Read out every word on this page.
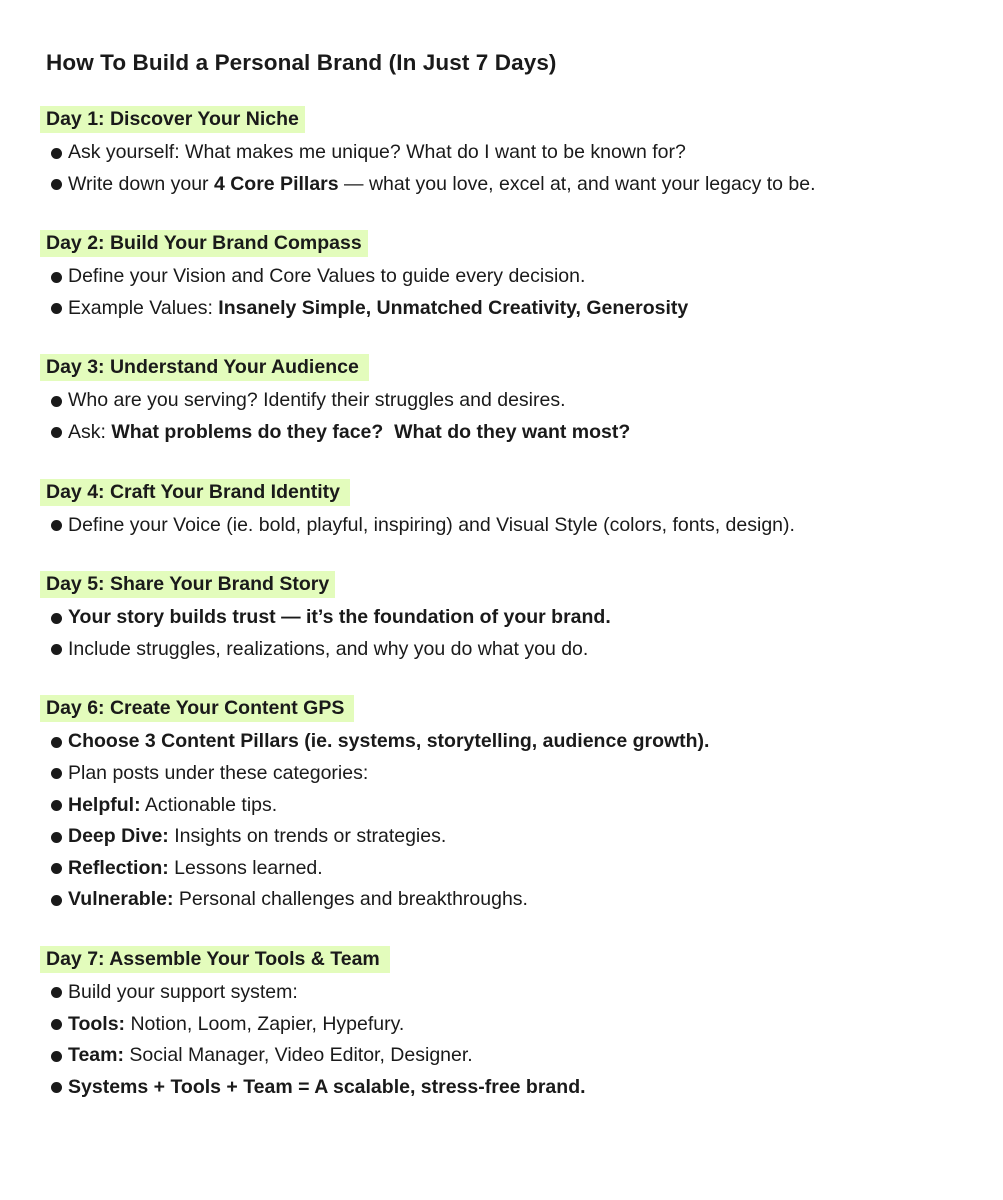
How To Build a Personal Brand (In Just 7 Days)
Day 1: Discover Your Niche
Ask yourself: What makes me unique? What do I want to be known for?
Write down your 4 Core Pillars — what you love, excel at, and want your legacy to be.
Day 2: Build Your Brand Compass
Define your Vision and Core Values to guide every decision.
Example Values: Insanely Simple, Unmatched Creativity, Generosity
Day 3: Understand Your Audience
Who are you serving? Identify their struggles and desires.
Ask: What problems do they face?  What do they want most?
Day 4: Craft Your Brand Identity
Define your Voice (ie. bold, playful, inspiring) and Visual Style (colors, fonts, design).
Day 5: Share Your Brand Story
Your story builds trust — it’s the foundation of your brand.
Include struggles, realizations, and why you do what you do.
Day 6: Create Your Content GPS
Choose 3 Content Pillars (ie. systems, storytelling, audience growth).
Plan posts under these categories:
Helpful: Actionable tips.
Deep Dive: Insights on trends or strategies.
Reflection: Lessons learned.
Vulnerable: Personal challenges and breakthroughs.
Day 7: Assemble Your Tools & Team
Build your support system:
Tools: Notion, Loom, Zapier, Hypefury.
Team: Social Manager, Video Editor, Designer.
Systems + Tools + Team = A scalable, stress-free brand.
